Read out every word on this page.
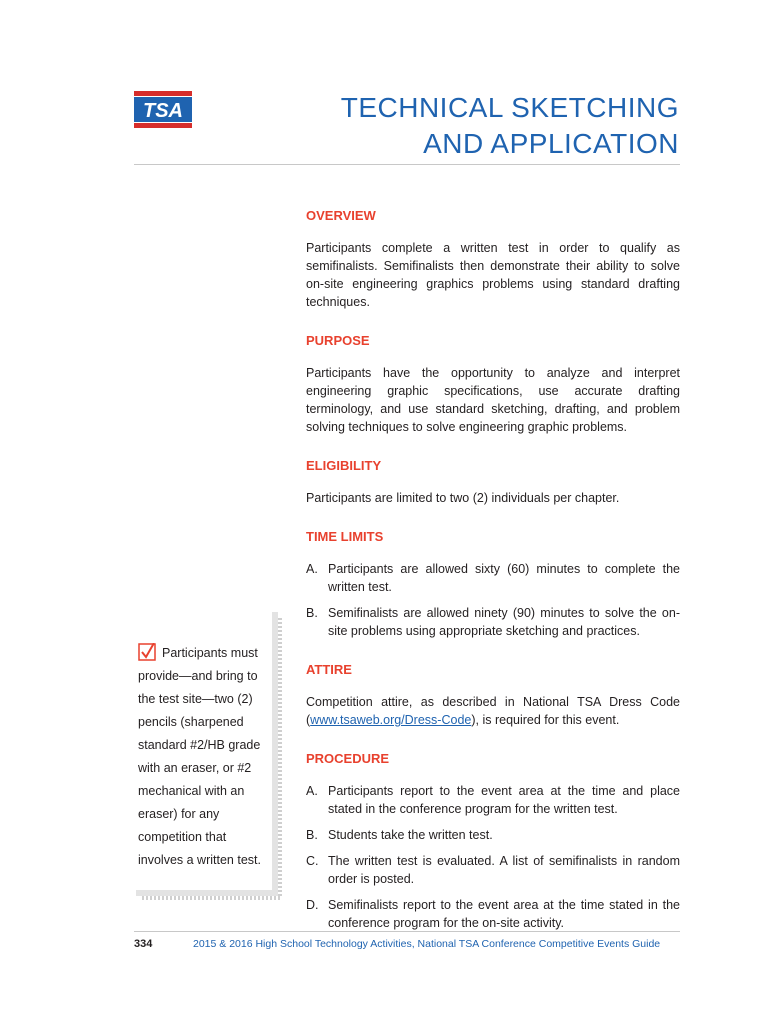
TSA	TECHNICAL SKETCHING
AND APPLICATION
OVERVIEW

Participants complete a written test in order to qualify as semifinalists. Semifinalists then demonstrate their ability to solve on-site engineering graphics problems using standard drafting techniques.

PURPOSE

Participants have the opportunity to analyze and interpret engineering graphic specifications, use accurate drafting terminology, and use standard sketching, drafting, and problem solving techniques to solve engineering graphic problems.

ELIGIBILITY

Participants are limited to two (2) individuals per chapter.

TIME LIMITS
A. Participants are allowed sixty (60) minutes to complete the written test.
B. Semifinalists are allowed ninety (90) minutes to solve the on-site problems using appropriate sketching and practices.
ATTIRE

Competition attire, as described in National TSA Dress Code (www.tsaweb.org/Dress-Code), is required for this event.

PROCEDURE
A. Participants report to the event area at the time and place stated in the conference program for the written test.
B. Students take the written test.
C. The written test is evaluated. A list of semifinalists in random order is posted.
D. Semifinalists report to the event area at the time stated in the conference program for the on-site activity.
Participants must provide—and bring to the test site—two (2) pencils (sharpened standard #2/HB grade with an eraser, or #2 mechanical with an eraser) for any competition that involves a written test.
334	2015 & 2016 High School Technology Activities, National TSA Conference Competitive Events Guide
